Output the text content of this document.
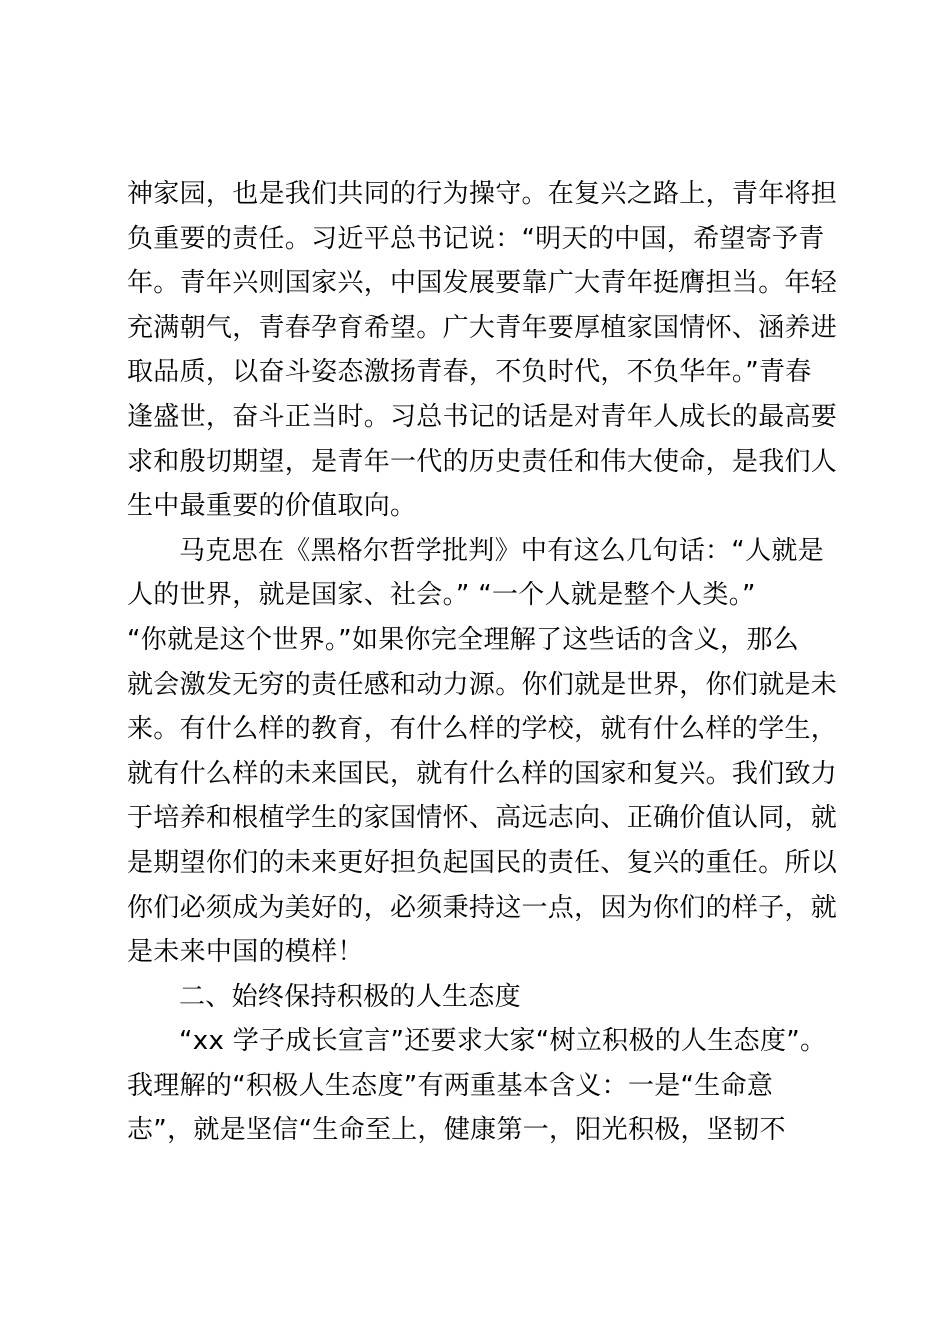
神家园，也是我们共同的行为操守。在复兴之路上，青年将担
负重要的责任。习近平总书记说：“明天的中国，希望寄予青
年。青年兴则国家兴，中国发展要靠广大青年挺膺担当。年轻
充满朝气，青春孕育希望。广大青年要厚植家国情怀、涵养进
取品质，以奋斗姿态激扬青春，不负时代，不负华年。”青春
逢盛世，奋斗正当时。习总书记的话是对青年人成长的最高要
求和殷切期望，是青年一代的历史责任和伟大使命，是我们人
生中最重要的价值取向。
马克思在《黑格尔哲学批判》中有这么几句话：“人就是
人的世界，就是国家、社会。” “一个人就是整个人类。”
“你就是这个世界。”如果你完全理解了这些话的含义，那么
就会激发无穷的责任感和动力源。你们就是世界，你们就是未
来。有什么样的教育，有什么样的学校，就有什么样的学生，
就有什么样的未来国民，就有什么样的国家和复兴。我们致力
于培养和根植学生的家国情怀、高远志向、正确价值认同，就
是期望你们的未来更好担负起国民的责任、复兴的重任。所以
你们必须成为美好的，必须秉持这一点，因为你们的样子，就
是未来中国的模样！
二、始终保持积极的人生态度
“xx 学子成长宣言”还要求大家“树立积极的人生态度”。
我理解的“积极人生态度”有两重基本含义：一是“生命意
志”，就是坚信“生命至上，健康第一，阳光积极，坚韧不
